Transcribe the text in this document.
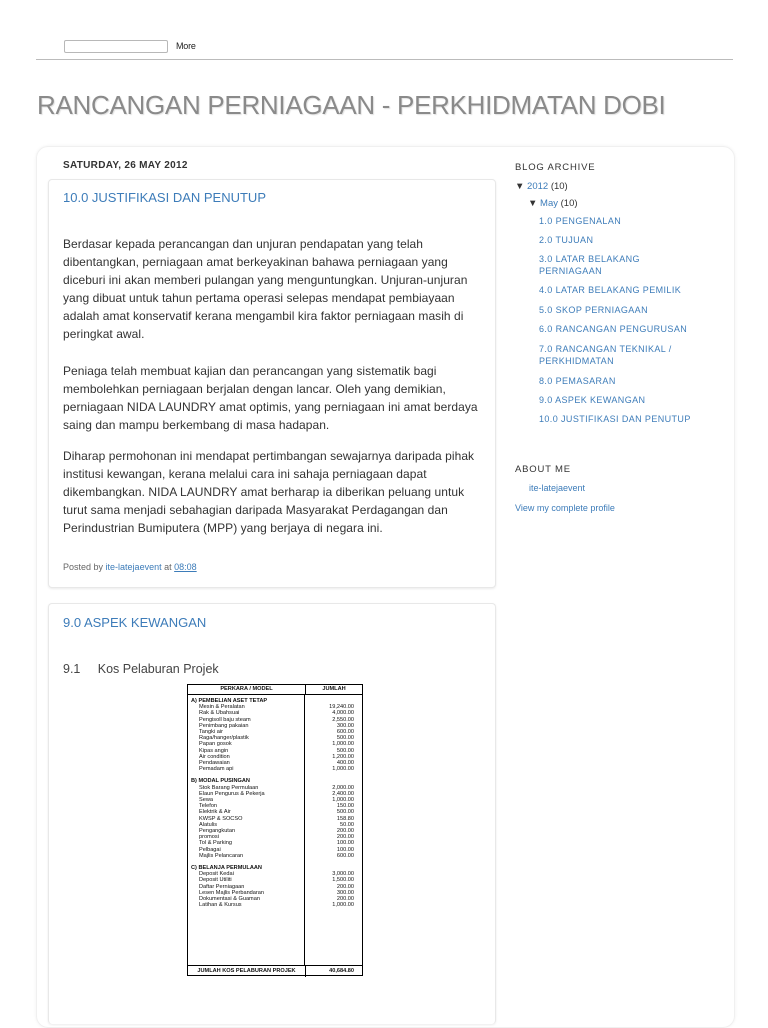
More
RANCANGAN PERNIAGAAN - PERKHIDMATAN DOBI
SATURDAY, 26 MAY 2012
10.0 JUSTIFIKASI DAN PENUTUP

Berdasar kepada perancangan dan unjuran pendapatan yang telah dibentangkan, perniagaan amat berkeyakinan bahawa perniagaan yang diceburi ini akan memberi pulangan yang menguntungkan. Unjuran-unjuran yang dibuat untuk tahun pertama operasi selepas mendapat pembiayaan adalah amat konservatif kerana mengambil kira faktor perniagaan masih di peringkat awal.

Peniaga telah membuat kajian dan perancangan yang sistematik bagi membolehkan perniagaan berjalan dengan lancar. Oleh yang demikian, perniagaan NIDA LAUNDRY amat optimis, yang perniagaan ini amat berdaya saing dan mampu berkembang di masa hadapan.

Diharap permohonan ini mendapat pertimbangan sewajarnya daripada pihak institusi kewangan, kerana melalui cara ini sahaja perniagaan dapat dikembangkan. NIDA LAUNDRY amat berharap ia diberikan peluang untuk turut sama menjadi sebahagian daripada Masyarakat Perdagangan dan Perindustrian Bumiputera (MPP) yang berjaya di negara ini.

Posted by ite-latejaevent at 08:08
9.0 ASPEK KEWANGAN
9.1     Kos Pelaburan Projek
PERKARA / MODEL	JUMLAH
A) PEMBELIAN ASET TETAP
Mesin & Peralatan
Rak & Ubahsuai
Pengisoll baju steam
Penimbang pakaian
Tangki air
Raga/hanger/plastik
Papan gosok
Kipas angin
Air condition
Pendawaian
Pemadam api
B) MODAL PUSINGAN
Stok Barang Permulaan
Elaun Pengurus & Pekerja
Sewa
Telefon
Elektrik & Air
KWSP & SOCSO
Alatulis
Pengangkutan
promosi
Tol & Parking
Pelbagai
Majlis Pelancaran
C) BELANJA PERMULAAN
Deposit Kedai
Deposit Utiliti
Daftar Perniagaan
Lesen Majlis Perbandaran
Dokumentasi & Guaman
Latihan & Kursus
19,240.00
4,000.00
2,550.00
300.00
600.00
500.00
1,000.00
500.00
1,200.00
400.00
1,000.00
2,000.00
2,400.00
1,000.00
150.00
500.00
158.80
50.00
200.00
200.00
100.00
100.00
600.00
3,000.00
1,500.00
200.00
300.00
200.00
1,000.00
JUMLAH KOS PELABURAN PROJEK	40,684.80
BLOG ARCHIVE
▼ 2012 (10)
▼ May (10)
1.0 PENGENALAN
2.0 TUJUAN
3.0 LATAR BELAKANG PERNIAGAAN
4.0 LATAR BELAKANG PEMILIK
5.0 SKOP PERNIAGAAN
6.0 RANCANGAN PENGURUSAN
7.0 RANCANGAN TEKNIKAL / PERKHIDMATAN
8.0 PEMASARAN
9.0 ASPEK KEWANGAN
10.0 JUSTIFIKASI DAN PENUTUP
ABOUT ME
ite-latejaevent
View my complete profile
